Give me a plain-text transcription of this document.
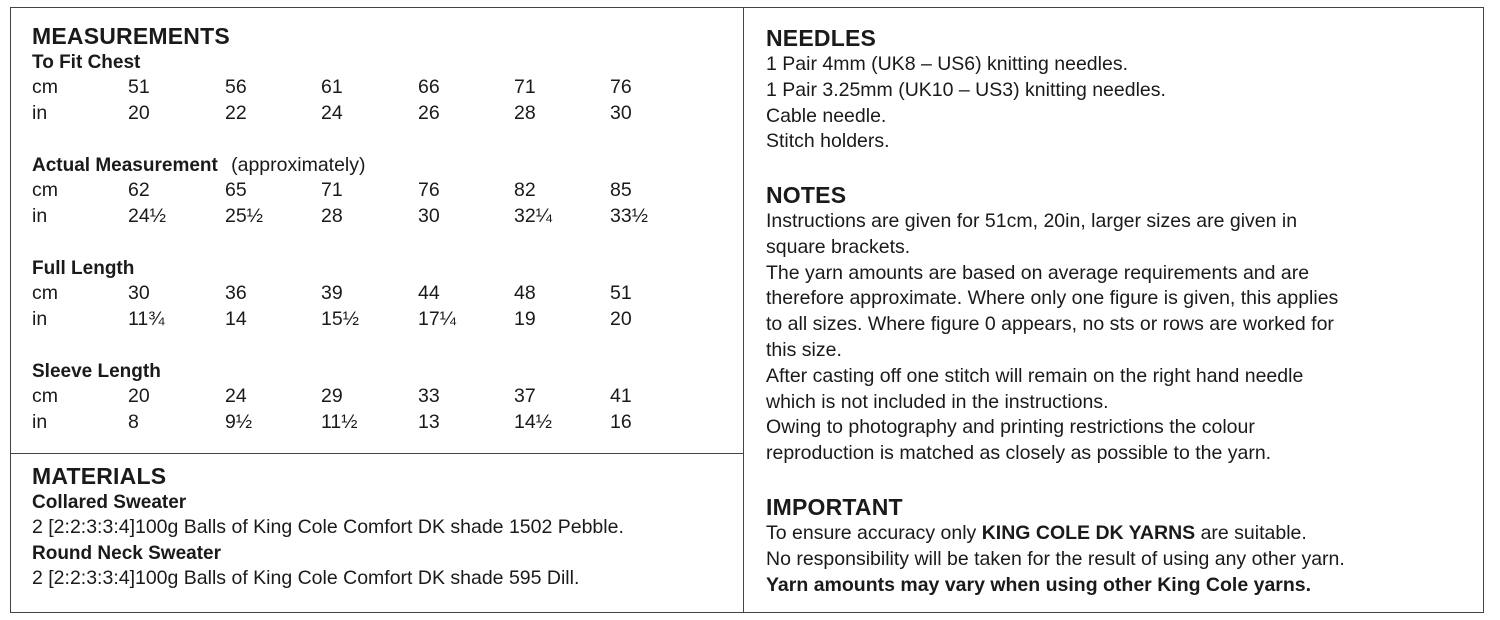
MEASUREMENTS
To Fit Chest
cm	51	56	61	66	71	76
in	20	22	24	26	28	30
Actual Measurement (approximately)
cm	62	65	71	76	82	85
in	24½	25½	28	30	32¼	33½
Full Length
cm	30	36	39	44	48	51
in	11¾	14	15½	17¼	19	20
Sleeve Length
cm	20	24	29	33	37	41
in	8	9½	11½	13	14½	16
MATERIALS
Collared Sweater
2 [2:2:3:3:4]100g Balls of King Cole Comfort DK shade 1502 Pebble.
Round Neck Sweater
2 [2:2:3:3:4]100g Balls of King Cole Comfort DK shade 595 Dill.
NEEDLES
1 Pair 4mm (UK8 – US6) knitting needles.
1 Pair 3.25mm (UK10 – US3) knitting needles.
Cable needle.
Stitch holders.
NOTES
Instructions are given for 51cm, 20in, larger sizes are given in
square brackets.
The yarn amounts are based on average requirements and are
therefore approximate. Where only one figure is given, this applies
to all sizes. Where figure 0 appears, no sts or rows are worked for
this size.
After casting off one stitch will remain on the right hand needle
which is not included in the instructions.
Owing to photography and printing restrictions the colour
reproduction is matched as closely as possible to the yarn.
IMPORTANT
To ensure accuracy only KING COLE DK YARNS are suitable.
No responsibility will be taken for the result of using any other yarn.
Yarn amounts may vary when using other King Cole yarns.
